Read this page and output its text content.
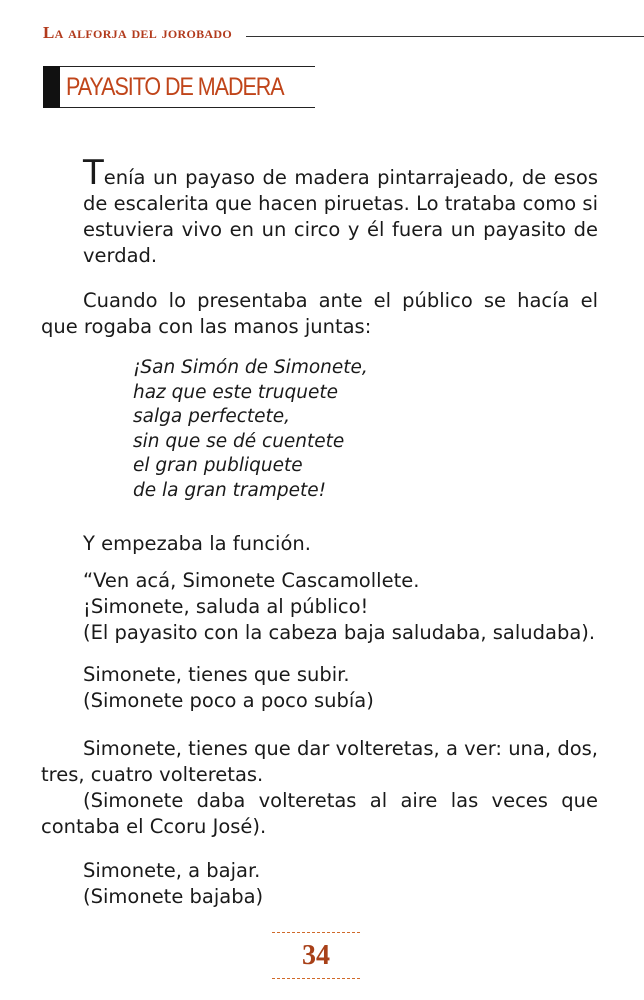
La alforja del jorobado
PAYASITO DE MADERA
Tenía un payaso de madera pintarrajeado, de esos
de escalerita que hacen piruetas. Lo trataba como si
estuviera vivo en un circo y él fuera un payasito de
verdad.
Cuando lo presentaba ante el público se hacía el
que rogaba con las manos juntas:
¡San Simón de Simonete,
haz que este truquete
salga perfectete,
sin que se dé cuentete
el gran publiquete
de la gran trampete!
Y empezaba la función.
“Ven acá, Simonete Cascamollete.
¡Simonete, saluda al público!
(El payasito con la cabeza baja saludaba, saludaba).
Simonete, tienes que subir.
(Simonete poco a poco subía)
Simonete, tienes que dar volteretas, a ver: una, dos,
tres, cuatro volteretas.
(Simonete daba volteretas al aire las veces que
contaba el Ccoru José).
Simonete, a bajar.
(Simonete bajaba)
34
